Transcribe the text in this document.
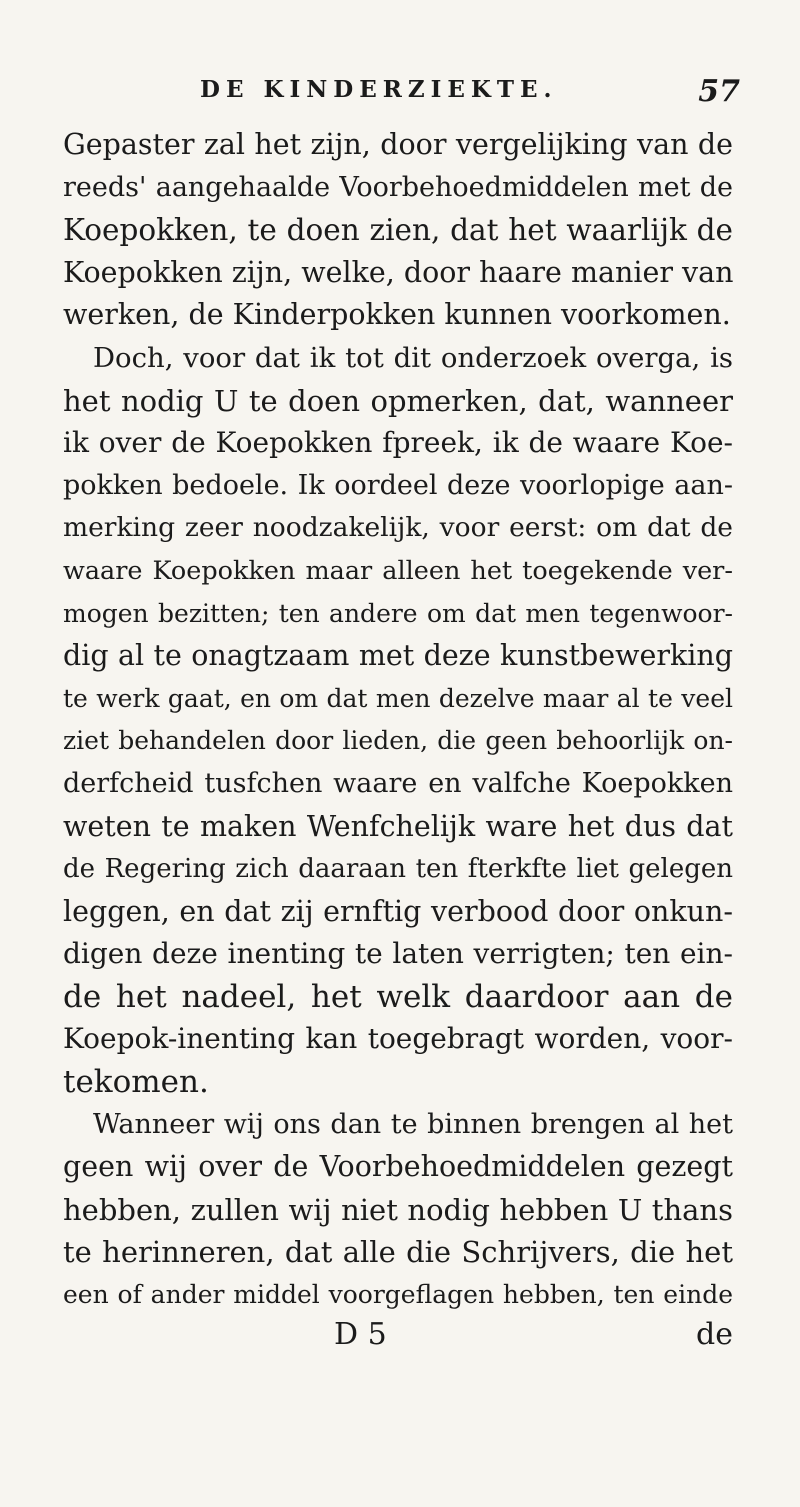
DE KINDERZIEKTE.	57
Gepaster zal het zijn, door vergelijking van de
reeds' aangehaalde Voorbehoedmiddelen met de
Koepokken, te doen zien, dat het waarlijk de
Koepokken zijn, welke, door haare manier van
werken, de Kinderpokken kunnen voorkomen.
Doch, voor dat ik tot dit onderzoek overga, is
het nodig U te doen opmerken, dat, wanneer
ik over de Koepokken fpreek, ik de waare Koe-
pokken bedoele. Ik oordeel deze voorlopige aan-
merking zeer noodzakelijk, voor eerst: om dat de
waare Koepokken maar alleen het toegekende ver-
mogen bezitten; ten andere om dat men tegenwoor-
dig al te onagtzaam met deze kunstbewerking
te werk gaat, en om dat men dezelve maar al te veel
ziet behandelen door lieden, die geen behoorlijk on-
derfcheid tusfchen waare en valfche Koepokken
weten te maken Wenfchelijk ware het dus dat
de Regering zich daaraan ten fterkfte liet gelegen
leggen, en dat zij ernftig verbood door onkun-
digen deze inenting te laten verrigten; ten ein-
de het nadeel, het welk daardoor aan de
Koepok-inenting kan toegebragt worden, voor-
tekomen.
Wanneer wij ons dan te binnen brengen al het
geen wij over de Voorbehoedmiddelen gezegt
hebben, zullen wij niet nodig hebben U thans
te herinneren, dat alle die Schrijvers, die het
een of ander middel voorgeflagen hebben, ten einde
D 5	de
